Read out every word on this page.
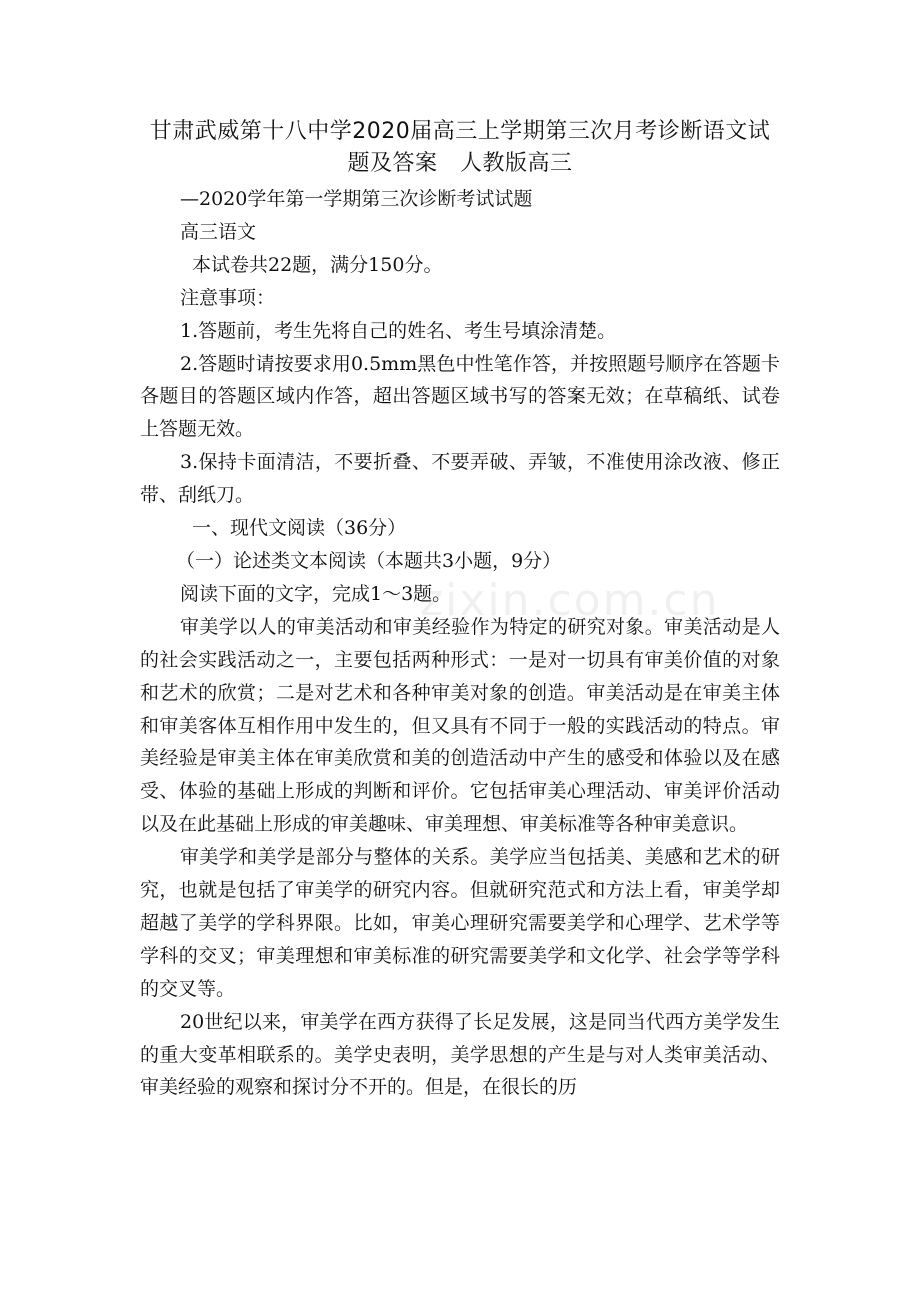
甘肃武威第十八中学2020届高三上学期第三次月考诊断语文试
题及答案　人教版高三
zixin.com.cn

—2020学年第一学期第三次诊断考试试题

高三语文

本试卷共22题，满分150分。

注意事项：

1.答题前，考生先将自己的姓名、考生号填涂清楚。

2.答题时请按要求用0.5mm黑色中性笔作答，并按照题号顺序在答题卡各题目的答题区域内作答，超出答题区域书写的答案无效；在草稿纸、试卷上答题无效。

3.保持卡面清洁，不要折叠、不要弄破、弄皱，不准使用涂改液、修正带、刮纸刀。

一、现代文阅读（36分）

（一）论述类文本阅读（本题共3小题，9分）

阅读下面的文字，完成1～3题。

审美学以人的审美活动和审美经验作为特定的研究对象。审美活动是人的社会实践活动之一，主要包括两种形式：一是对一切具有审美价值的对象和艺术的欣赏；二是对艺术和各种审美对象的创造。审美活动是在审美主体和审美客体互相作用中发生的，但又具有不同于一般的实践活动的特点。审美经验是审美主体在审美欣赏和美的创造活动中产生的感受和体验以及在感受、体验的基础上形成的判断和评价。它包括审美心理活动、审美评价活动以及在此基础上形成的审美趣味、审美理想、审美标准等各种审美意识。

审美学和美学是部分与整体的关系。美学应当包括美、美感和艺术的研究，也就是包括了审美学的研究内容。但就研究范式和方法上看，审美学却超越了美学的学科界限。比如，审美心理研究需要美学和心理学、艺术学等学科的交叉；审美理想和审美标准的研究需要美学和文化学、社会学等学科的交叉等。

20世纪以来，审美学在西方获得了长足发展，这是同当代西方美学发生的重大变革相联系的。美学史表明，美学思想的产生是与对人类审美活动、审美经验的观察和探讨分不开的。但是，在很长的历
